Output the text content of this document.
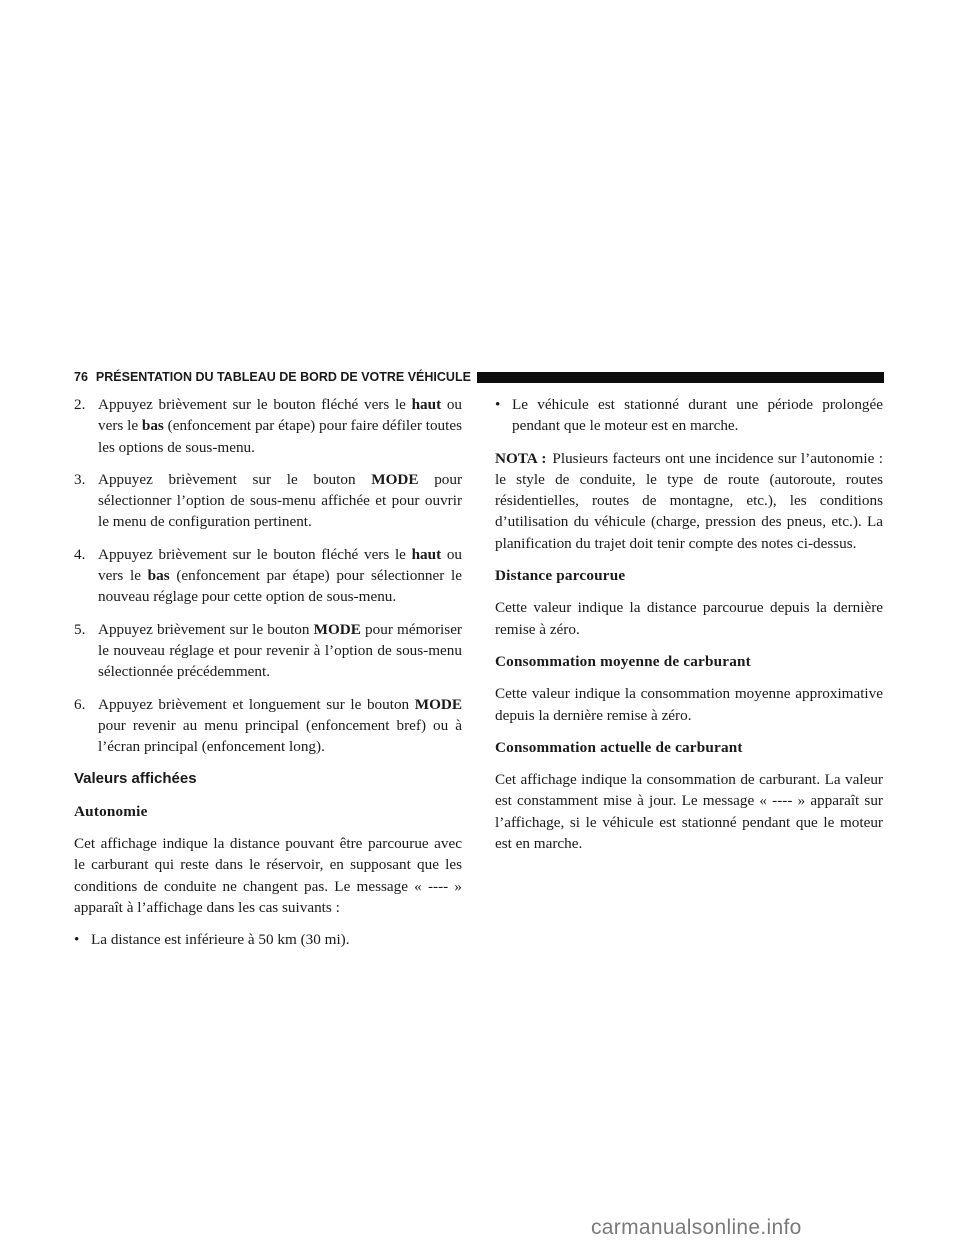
76 PRÉSENTATION DU TABLEAU DE BORD DE VOTRE VÉHICULE
2. Appuyez brièvement sur le bouton fléché vers le haut ou vers le bas (enfoncement par étape) pour faire défiler toutes les options de sous-menu.
3. Appuyez brièvement sur le bouton MODE pour sélectionner l’option de sous-menu affichée et pour ouvrir le menu de configuration pertinent.
4. Appuyez brièvement sur le bouton fléché vers le haut ou vers le bas (enfoncement par étape) pour sélectionner le nouveau réglage pour cette option de sous-menu.
5. Appuyez brièvement sur le bouton MODE pour mémoriser le nouveau réglage et pour revenir à l’option de sous-menu sélectionnée précédemment.
6. Appuyez brièvement et longuement sur le bouton MODE pour revenir au menu principal (enfoncement bref) ou à l’écran principal (enfoncement long).
Valeurs affichées
Autonomie

Cet affichage indique la distance pouvant être parcourue avec le carburant qui reste dans le réservoir, en supposant que les conditions de conduite ne changent pas. Le message « ---- » apparaît à l’affichage dans les cas suivants :

• La distance est inférieure à 50 km (30 mi).
• Le véhicule est stationné durant une période prolongée pendant que le moteur est en marche.

NOTA : Plusieurs facteurs ont une incidence sur l’autonomie : le style de conduite, le type de route (autoroute, routes résidentielles, routes de montagne, etc.), les conditions d’utilisation du véhicule (charge, pression des pneus, etc.). La planification du trajet doit tenir compte des notes ci-dessus.

Distance parcourue

Cette valeur indique la distance parcourue depuis la dernière remise à zéro.

Consommation moyenne de carburant

Cette valeur indique la consommation moyenne approximative depuis la dernière remise à zéro.

Consommation actuelle de carburant

Cet affichage indique la consommation de carburant. La valeur est constamment mise à jour. Le message « ---- » apparaît sur l’affichage, si le véhicule est stationné pendant que le moteur est en marche.

carmanualsonline.info
